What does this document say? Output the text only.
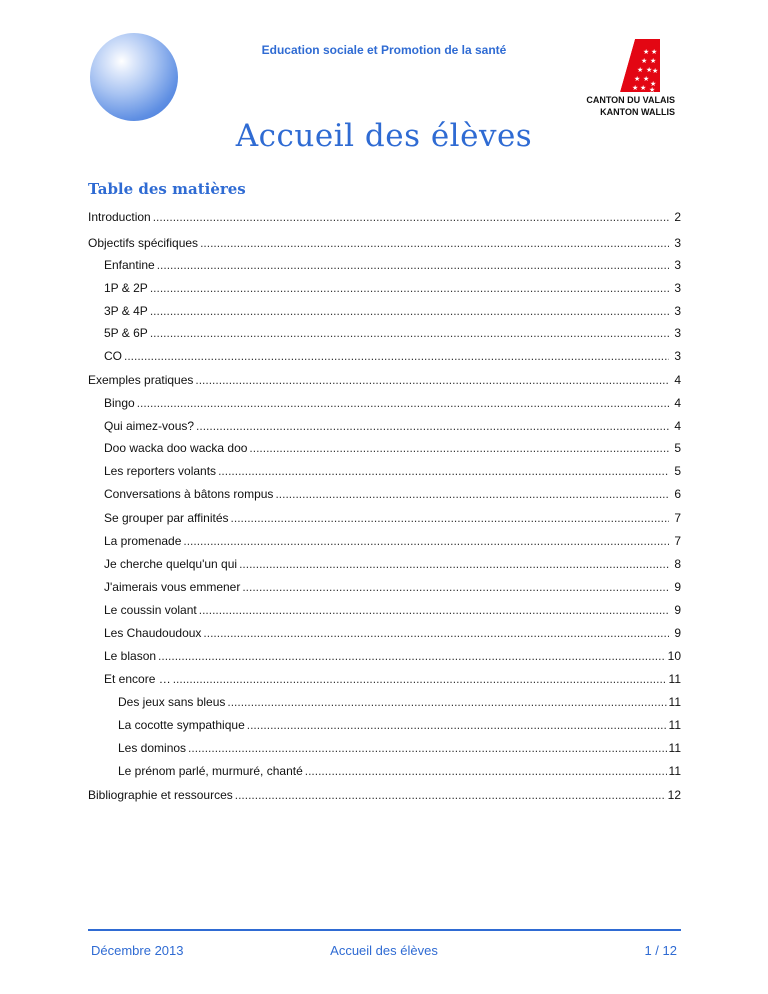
Education sociale et Promotion de la santé	★ ★
★ ★
★ ★
★ ★
★ ★
★
★ ★
CANTON DU VALAIS
KANTON WALLIS
Accueil des élèves
Table des matières
Introduction .....	2
Objectifs spécifiques .....	3
Enfantine .....	3
1P & 2P .....	3
3P & 4P .....	3
5P & 6P .....	3
CO .....	3
Exemples pratiques .....	4
Bingo .....	4
Qui aimez-vous? .....	4
Doo wacka doo wacka doo .....	5
Les reporters volants .....	5
Conversations à bâtons rompus .....	6
Se grouper par affinités .....	7
La promenade .....	7
Je cherche quelqu'un qui .....	8
J'aimerais vous emmener .....	9
Le coussin volant .....	9
Les Chaudoudoux .....	9
Le blason .....	10
Et encore … .....	11
Des jeux sans bleus .....	11
La cocotte sympathique .....	11
Les dominos .....	11
Le prénom parlé, murmuré, chanté .....	11
Bibliographie et ressources .....	12
Décembre 2013	Accueil des élèves	1 / 12
